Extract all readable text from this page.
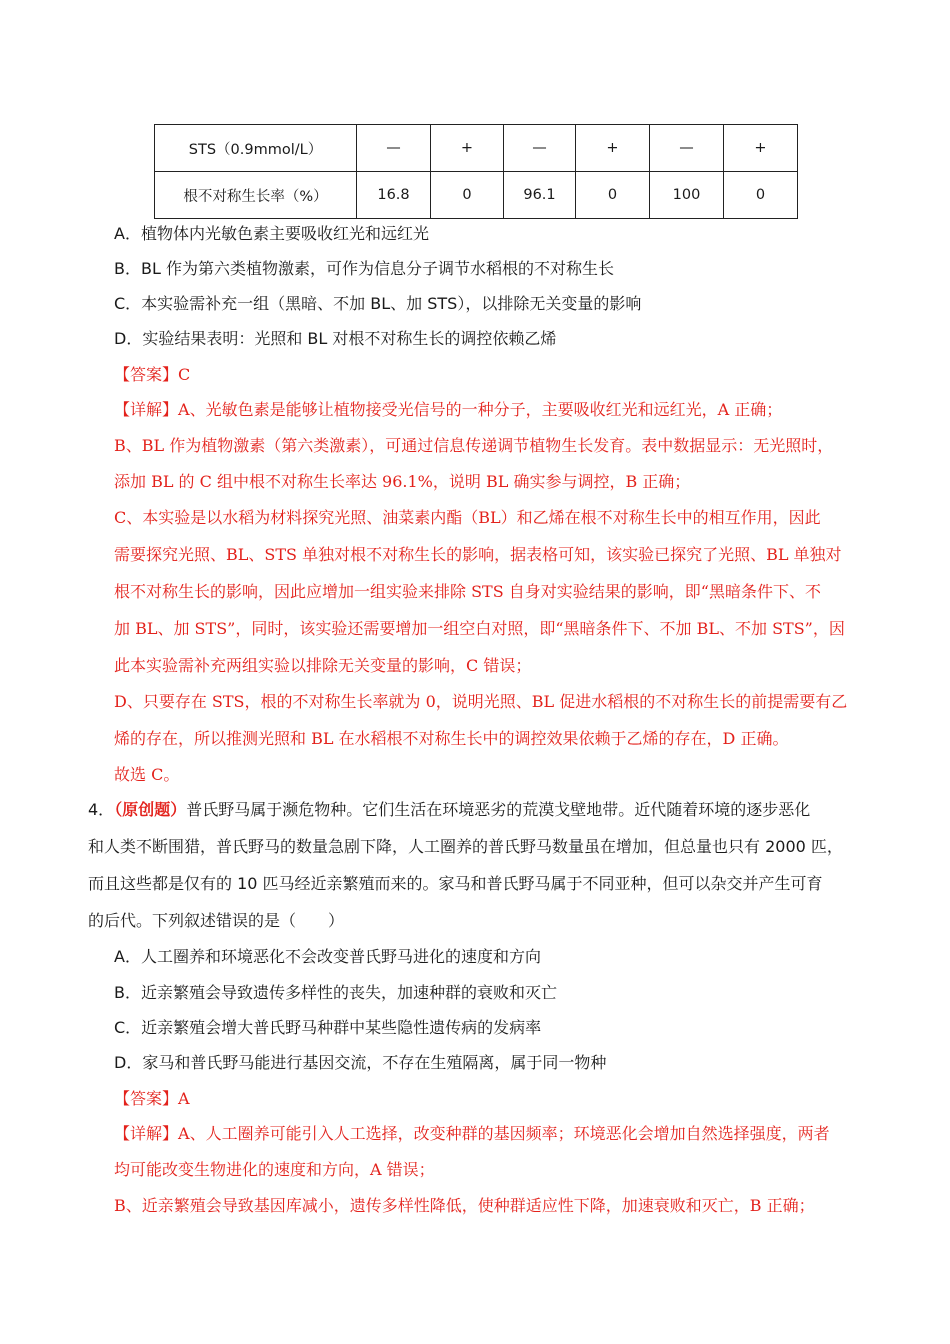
STS（0.9mmol/L）	—	+	—	+	—	+
根不对称生长率（%）	16.8	0	96.1	0	100	0
A．植物体内光敏色素主要吸收红光和远红光
B．BL 作为第六类植物激素，可作为信息分子调节水稻根的不对称生长
C．本实验需补充一组（黑暗、不加 BL、加 STS），以排除无关变量的影响
D．实验结果表明：光照和 BL 对根不对称生长的调控依赖乙烯
【答案】C
【详解】A、光敏色素是能够让植物接受光信号的一种分子，主要吸收红光和远红光，A 正确；
B、BL 作为植物激素（第六类激素），可通过信息传递调节植物生长发育。表中数据显示：无光照时，
添加 BL 的 C 组中根不对称生长率达 96.1%，说明 BL 确实参与调控，B 正确；
C、本实验是以水稻为材料探究光照、油菜素内酯（BL）和乙烯在根不对称生长中的相互作用，因此
需要探究光照、BL、STS 单独对根不对称生长的影响，据表格可知，该实验已探究了光照、BL 单独对
根不对称生长的影响，因此应增加一组实验来排除 STS 自身对实验结果的影响，即“黑暗条件下、不
加 BL、加 STS”，同时，该实验还需要增加一组空白对照，即“黑暗条件下、不加 BL、不加 STS”，因
此本实验需补充两组实验以排除无关变量的影响，C 错误；
D、只要存在 STS，根的不对称生长率就为 0，说明光照、BL 促进水稻根的不对称生长的前提需要有乙
烯的存在，所以推测光照和 BL 在水稻根不对称生长中的调控效果依赖于乙烯的存在，D 正确。
故选 C。
4．（原创题）普氏野马属于濒危物种。它们生活在环境恶劣的荒漠戈壁地带。近代随着环境的逐步恶化
和人类不断围猎，普氏野马的数量急剧下降，人工圈养的普氏野马数量虽在增加，但总量也只有 2000 匹，
而且这些都是仅有的 10 匹马经近亲繁殖而来的。家马和普氏野马属于不同亚种，但可以杂交并产生可育
的后代。下列叙述错误的是（　　）
A．人工圈养和环境恶化不会改变普氏野马进化的速度和方向
B．近亲繁殖会导致遗传多样性的丧失，加速种群的衰败和灭亡
C．近亲繁殖会增大普氏野马种群中某些隐性遗传病的发病率
D．家马和普氏野马能进行基因交流，不存在生殖隔离，属于同一物种
【答案】A
【详解】A、人工圈养可能引入人工选择，改变种群的基因频率；环境恶化会增加自然选择强度，两者
均可能改变生物进化的速度和方向，A 错误；
B、近亲繁殖会导致基因库减小，遗传多样性降低，使种群适应性下降，加速衰败和灭亡，B 正确；
